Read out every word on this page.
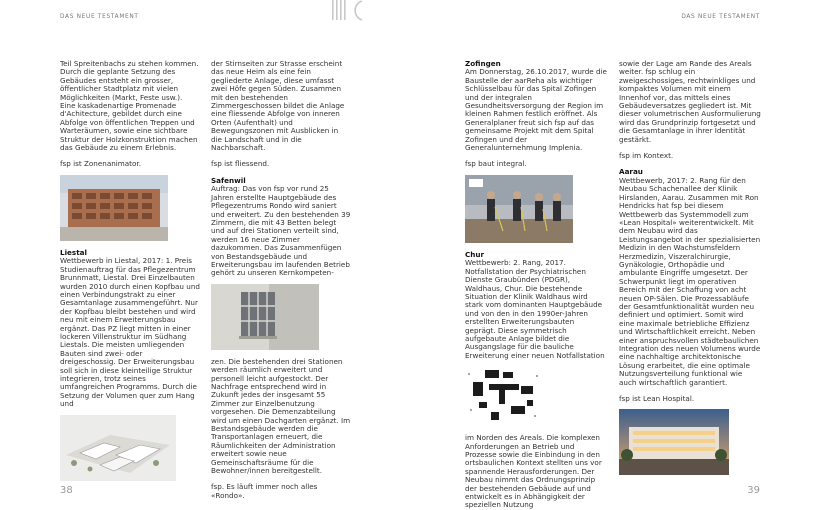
DAS NEUE TESTAMENT	DAS NEUE TESTAMENT

Teil Spreitenbachs zu stehen kommen. Durch die geplante Setzung des Gebäudes entsteht ein grosser, öffentlicher Stadtplatz mit vielen Möglichkeiten (Markt, Feste usw.). Eine kaskadenartige Promenade d'Achitecture, gebildet durch eine Abfolge von öffentlichen Treppen und Warteräumen, sowie eine sichtbare Struktur der Holzkonstruktion machen das Gebäude zu einem Erlebnis.

fsp ist Zonenanimator.

Liestal

Wettbewerb in Liestal, 2017: 1. Preis Studienauftrag für das Pflegezentrum Brunnmatt, Liestal. Drei Einzelbauten wurden 2010 durch einen Kopfbau und einen Verbindungstrakt zu einer Gesamtanlage zusammengeführt. Nur der Kopfbau bleibt bestehen und wird neu mit einem Erweiterungsbau ergänzt. Das PZ liegt mitten in einer lockeren Villenstruktur im Südhang Liestals. Die meisten umliegenden Bauten sind zwei- oder dreigeschossig. Der Erweiterungsbau soll sich in diese kleinteilige Struktur integrieren, trotz seines umfangreichen Programms. Durch die Setzung der Volumen quer zum Hang und

der Stirnseiten zur Strasse erscheint das neue Heim als eine fein gegliederte Anlage, diese umfasst zwei Höfe gegen Süden. Zusammen mit den bestehenden Zimmergeschossen bildet die Anlage eine fliessende Abfolge von inneren Orten (Aufenthalt) und Bewegungszonen mit Ausblicken in die Landschaft und in die Nachbarschaft.

fsp ist fliessend.

Safenwil

Auftrag: Das von fsp vor rund 25 Jahren erstellte Hauptgebäude des Pflegezentrums Rondo wird saniert und erweitert. Zu den bestehenden 39 Zimmern, die mit 43 Betten belegt und auf drei Stationen verteilt sind, werden 16 neue Zimmer dazukommen. Das Zusammenfügen von Bestandsgebäude und Erweiterungsbau im laufenden Betrieb gehört zu unseren Kernkompeten-

zen. Die bestehenden drei Stationen werden räumlich erweitert und personell leicht aufgestockt. Der Nachfrage entsprechend wird in Zukunft jedes der insgesamt 55 Zimmer zur Einzelbenutzung vorgesehen. Die Demenzabteilung wird um einen Dachgarten ergänzt. Im Bestandsgebäude werden die Transportanlagen erneuert, die Räumlichkeiten der Administration erweitert sowie neue Gemeinschaftsräume für die Bewohner/innen bereitgestellt.

fsp. Es läuft immer noch alles «Rondo».

38

Zofingen

Am Donnerstag, 26.10.2017, wurde die Baustelle der aarReha als wichtiger Schlüsselbau für das Spital Zofingen und der integralen Gesundheitsversorgung der Region im kleinen Rahmen festlich eröffnet. Als Generalplaner freut sich fsp auf das gemeinsame Projekt mit dem Spital Zofingen und der Generalunternehmung Implenia.

fsp baut integral.

Chur

Wettbewerb: 2. Rang, 2017. Notfallstation der Psychiatrischen Dienste Graubünden (PDGR), Waldhaus, Chur. Die bestehende Situation der Klinik Waldhaus wird stark vom dominanten Hauptgebäude und von den in den 1990er-Jahren erstellten Erweiterungsbauten geprägt. Diese symmetrisch aufgebaute Anlage bildet die Ausgangslage für die bauliche Erweiterung einer neuen Notfallstation

im Norden des Areals. Die komplexen Anforderungen an Betrieb und Prozesse sowie die Einbindung in den ortsbaulichen Kontext stellten uns vor spannende Herausforderungen. Der Neubau nimmt das Ordnungsprinzip der bestehenden Gebäude auf und entwickelt es in Abhängigkeit der speziellen Nutzung

sowie der Lage am Rande des Areals weiter. fsp schlug ein zweigeschossiges, rechtwinkliges und kompaktes Volumen mit einem Innenhof vor, das mittels eines Gebäudeversatzes gegliedert ist. Mit dieser volumetrischen Ausformulierung wird das Grundprinzip fortgesetzt und die Gesamtanlage in ihrer Identität gestärkt.

fsp im Kontext.

Aarau

Wettbewerb, 2017: 2. Rang für den Neubau Schachenallee der Klinik Hirslanden, Aarau. Zusammen mit Ron Hendricks hat fsp bei diesem Wettbewerb das Systemmodell zum «Lean Hospital» weiterentwickelt. Mit dem Neubau wird das Leistungsangebot in der spezialisierten Medizin in den Wachstumsfeldern Herzmedizin, Viszeralchirurgie, Gynäkologie, Orthopädie und ambulante Eingriffe umgesetzt. Der Schwerpunkt liegt im operativen Bereich mit der Schaffung von acht neuen OP-Sälen. Die Prozessabläufe der Gesamtfunktionalität wurden neu definiert und optimiert. Somit wird eine maximale betriebliche Effizienz und Wirtschaftlichkeit erreicht. Neben einer anspruchsvollen städtebaulichen Integration des neuen Volumens wurde eine nachhaltige architektonische Lösung erarbeitet, die eine optimale Nutzungsverteilung funktional wie auch wirtschaftlich garantiert.

fsp ist Lean Hospital.

39
